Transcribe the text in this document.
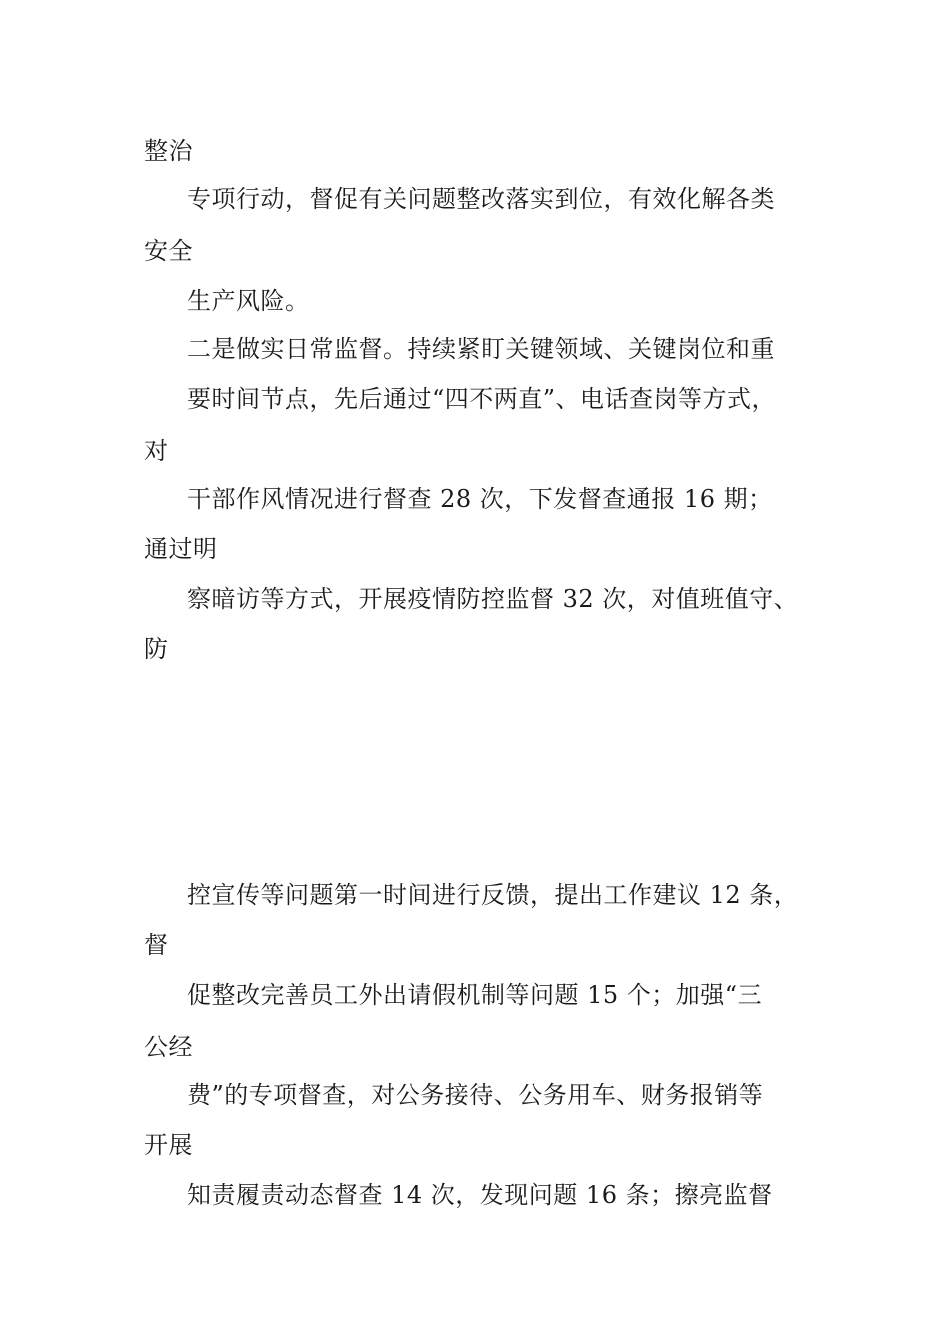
整治
专项行动，督促有关问题整改落实到位，有效化解各类
安全
生产风险。
二是做实日常监督。持续紧盯关键领域、关键岗位和重
要时间节点，先后通过“四不两直”、电话查岗等方式，
对
干部作风情况进行督查 28 次，下发督查通报 16 期；
通过明
察暗访等方式，开展疫情防控监督 32 次，对值班值守、
防
控宣传等问题第一时间进行反馈，提出工作建议 12 条，
督
促整改完善员工外出请假机制等问题 15 个；加强“三
公经
费”的专项督查，对公务接待、公务用车、财务报销等
开展
知责履责动态督查 14 次，发现问题 16 条；擦亮监督
